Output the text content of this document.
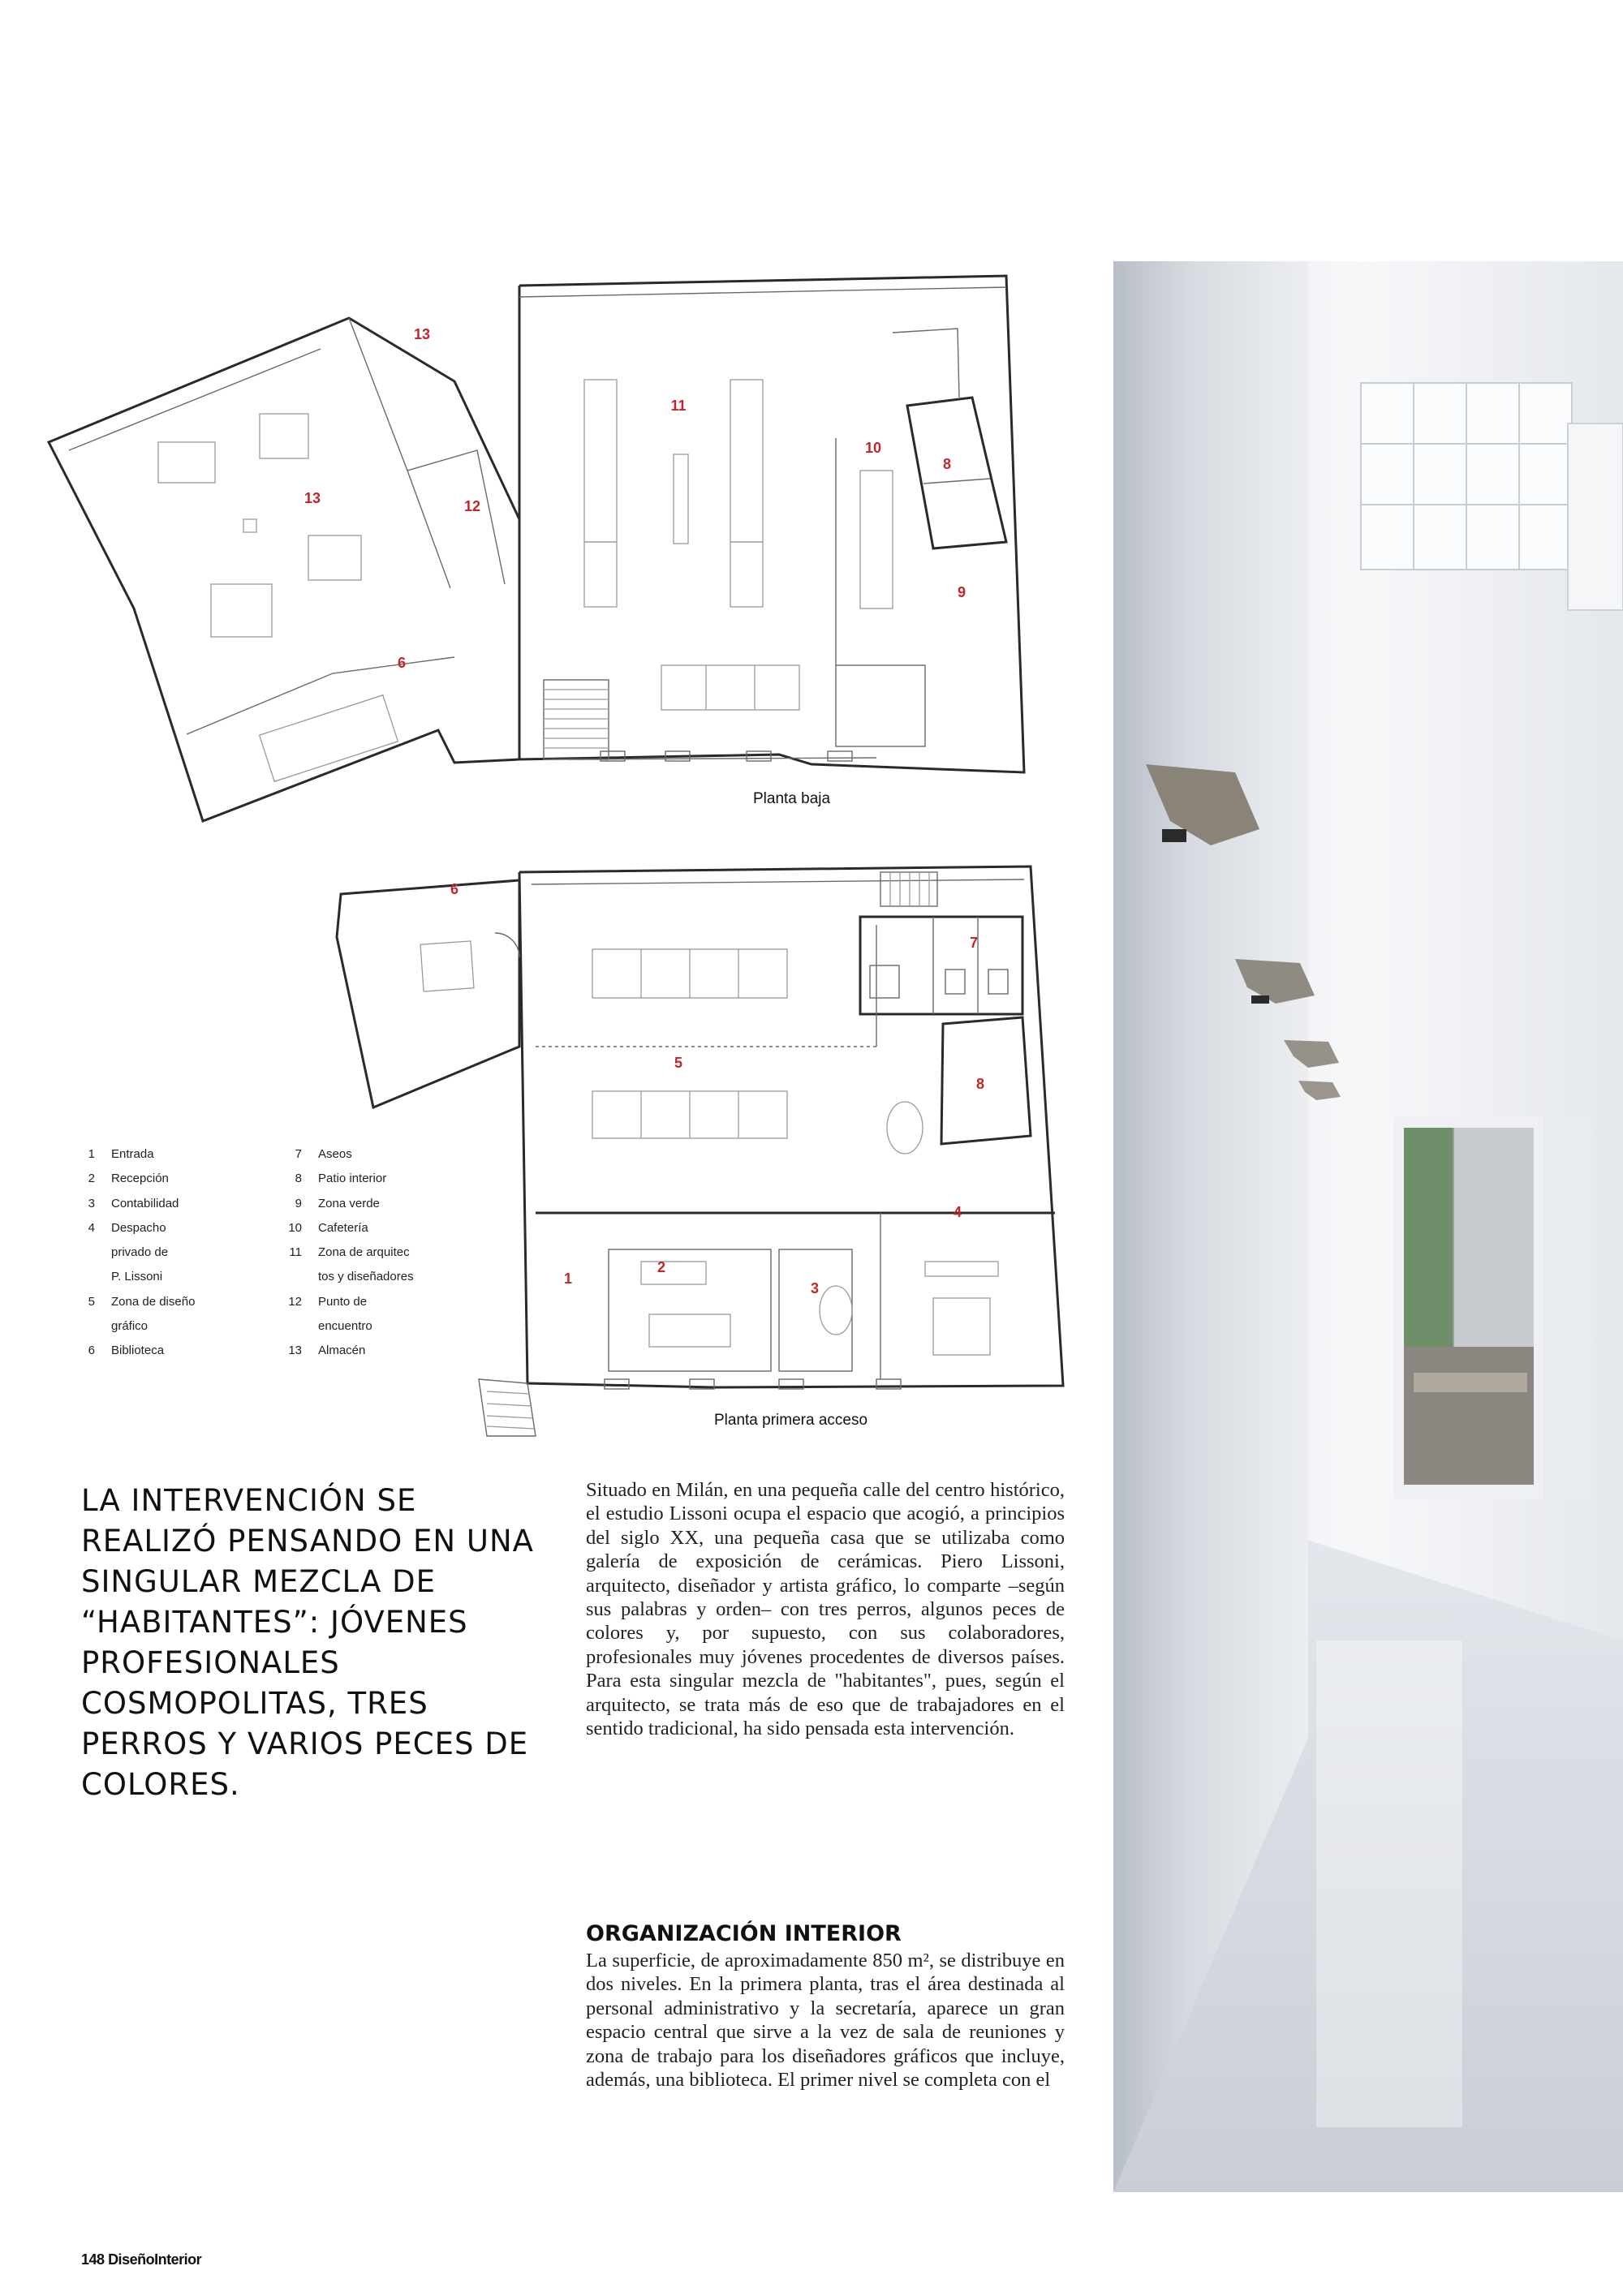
13
13	12
11
10
8
9
6
Planta baja
6
7
5
8
4
2
1
3
Planta primera acceso
1	Entrada
2	Recepción
3	Contabilidad
4	Despacho
privado de
P. Lissoni
5	Zona de diseño
gráfico
6	Biblioteca
7	Aseos
8	Patio interior
9	Zona verde
10	Cafetería
11	Zona de arquitec
tos y diseñadores
12	Punto de
encuentro
13	Almacén
LA INTERVENCIÓN SE REALIZÓ PENSANDO EN UNA SINGULAR MEZCLA DE “HABITANTES”: JÓVENES PROFESIONALES COSMOPOLITAS, TRES PERROS Y VARIOS PECES DE COLORES.
Situado en Milán, en una pequeña calle del centro histórico, el estudio Lissoni ocupa el espacio que acogió, a principios del siglo XX, una pequeña casa que se utilizaba como galería de exposición de cerámicas. Piero Lissoni, arquitecto, diseñador y artista gráfico, lo comparte –según sus palabras y orden– con tres perros, algunos peces de colores y, por supuesto, con sus colaboradores, profesionales muy jóvenes procedentes de diversos países. Para esta singular mezcla de "habitantes", pues, según el arquitecto, se trata más de eso que de trabajadores en el sentido tradicional, ha sido pensada esta intervención.
ORGANIZACIÓN INTERIOR
La superficie, de aproximadamente 850 m², se distribuye en dos niveles. En la primera planta, tras el área destinada al personal administrativo y la secretaría, aparece un gran espacio central que sirve a la vez de sala de reuniones y zona de trabajo para los diseñadores gráficos que incluye, además, una biblioteca. El primer nivel se completa con el
148 DiseñoInterior
